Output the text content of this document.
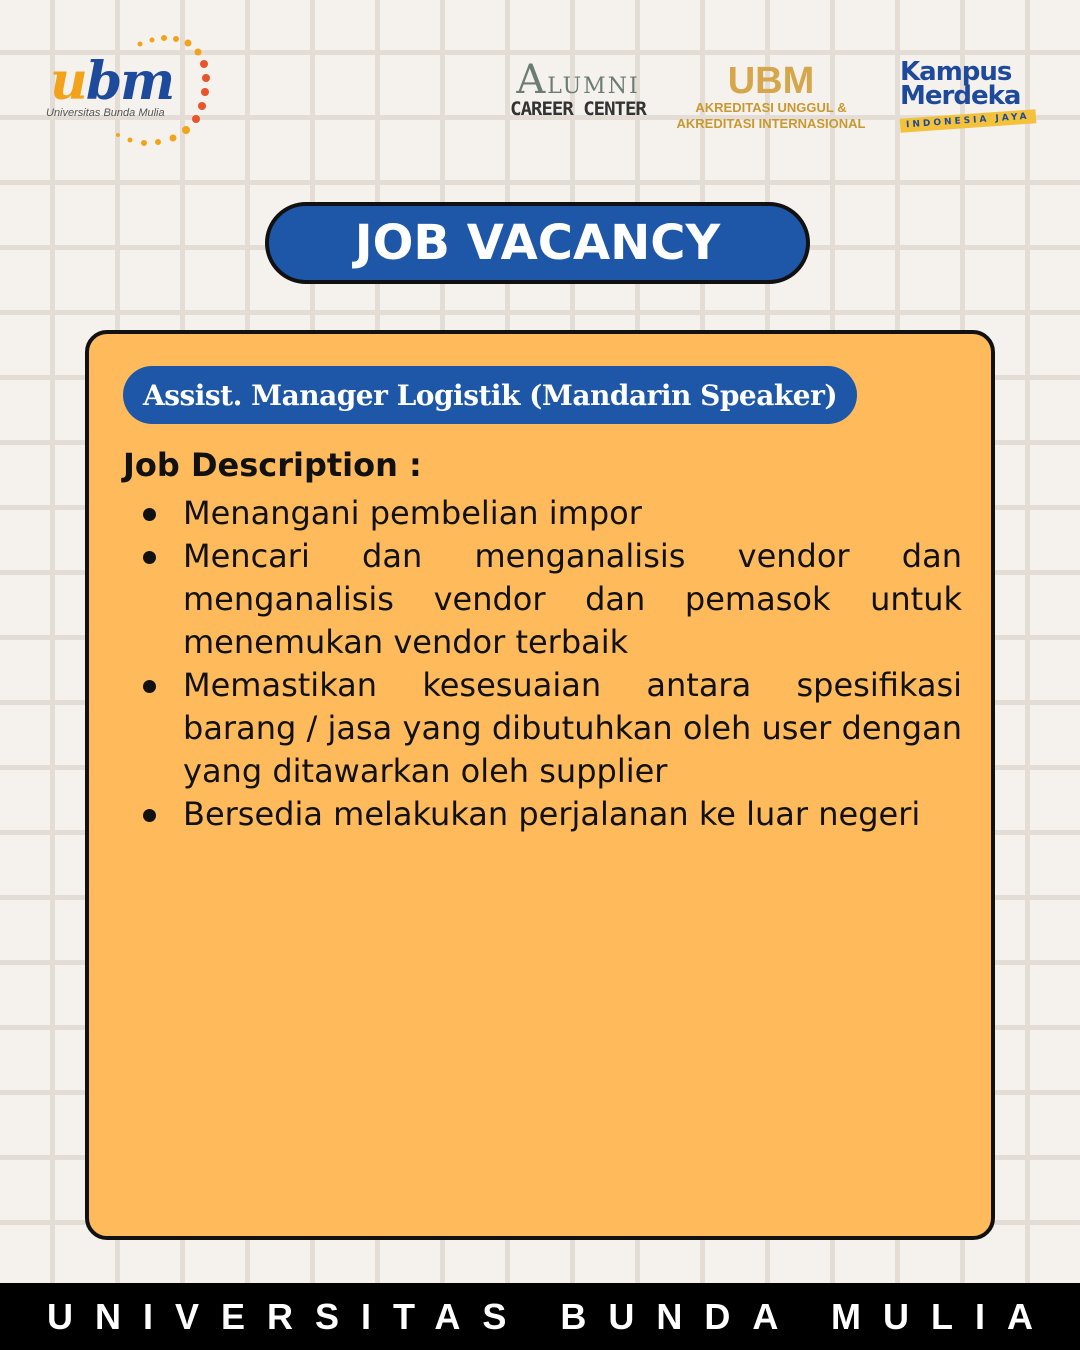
ubm
Universitas Bunda Mulia
ALUMNI
CAREER CENTER
UBM
AKREDITASI UNGGUL &
AKREDITASI INTERNASIONAL
Kampus
Merdeka
INDONESIA JAYA
JOB VACANCY
Assist. Manager Logistik (Mandarin Speaker)
Job Description :
Menangani pembelian impor
Mencari dan menganalisis vendor dan menganalisis vendor dan pemasok untuk menemukan vendor terbaik
Memastikan kesesuaian antara spesifikasi barang / jasa yang dibutuhkan oleh user dengan yang ditawarkan oleh supplier
Bersedia melakukan perjalanan ke luar negeri
UNIVERSITAS BUNDA MULIA
